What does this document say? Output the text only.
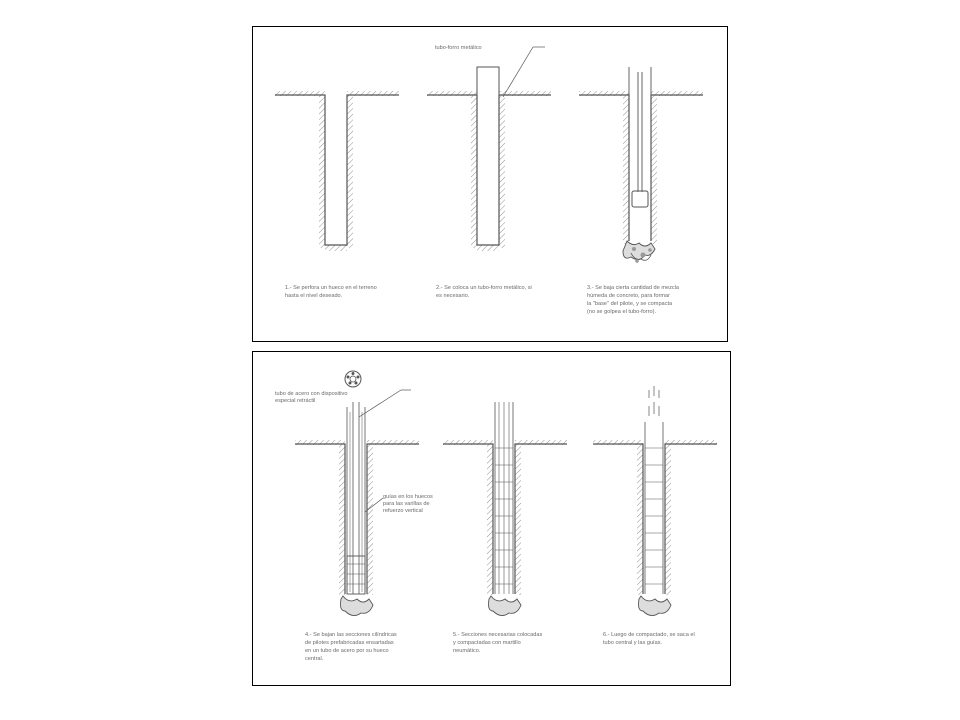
tubo-forro metálico
1.- Se perfora un hueco en el terreno
hasta el nivel deseado.
2.- Se coloca un tubo-forro metálico, si
es necesario.
3.- Se baja cierta cantidad de mezcla
húmeda de concreto, para formar
la "base" del pilote, y se compacta
(no se golpea el tubo-forro).
tubo de acero con dispositivo
especial retráctil
guías en los huecos
para las varillas de
refuerzo vertical
4.- Se bajan las secciones cilíndricas
de pilotes prefabricadas ensartadas
en un tubo de acero por su hueco
central.
5.- Secciones necesarias colocadas
y compactadas con martillo
neumático.
6.- Luego de compactado, se saca el
tubo central y las guías.
